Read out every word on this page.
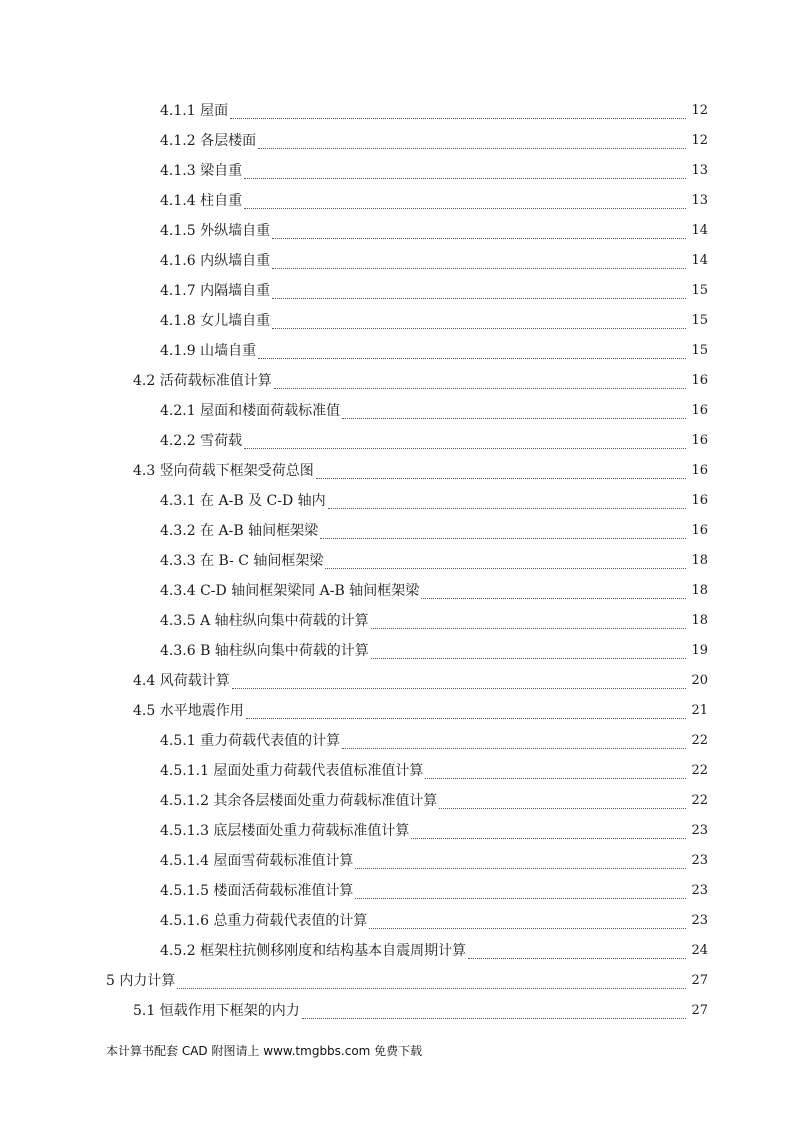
4.1.1 屋面	12
4.1.2 各层楼面	12
4.1.3 梁自重	13
4.1.4 柱自重	13
4.1.5 外纵墙自重	14
4.1.6 内纵墙自重	14
4.1.7 内隔墙自重	15
4.1.8 女儿墙自重	15
4.1.9 山墙自重	15
4.2 活荷载标准值计算	16
4.2.1 屋面和楼面荷载标准值	16
4.2.2 雪荷载	16
4.3 竖向荷载下框架受荷总图	16
4.3.1 在 A-B 及 C-D 轴内	16
4.3.2 在 A-B 轴间框架梁	16
4.3.3 在 B- C 轴间框架梁	18
4.3.4 C-D 轴间框架梁同 A-B 轴间框架梁	18
4.3.5 A 轴柱纵向集中荷载的计算	18
4.3.6 B 轴柱纵向集中荷载的计算	19
4.4 风荷载计算	20
4.5 水平地震作用	21
4.5.1 重力荷载代表值的计算	22
4.5.1.1 屋面处重力荷载代表值标准值计算	22
4.5.1.2 其余各层楼面处重力荷载标准值计算	22
4.5.1.3 底层楼面处重力荷载标准值计算	23
4.5.1.4 屋面雪荷载标准值计算	23
4.5.1.5 楼面活荷载标准值计算	23
4.5.1.6 总重力荷载代表值的计算	23
4.5.2 框架柱抗侧移刚度和结构基本自震周期计算	24
5 内力计算	27
5.1 恒载作用下框架的内力	27
本计算书配套 CAD 附图请上 www.tmgbbs.com 免费下载
